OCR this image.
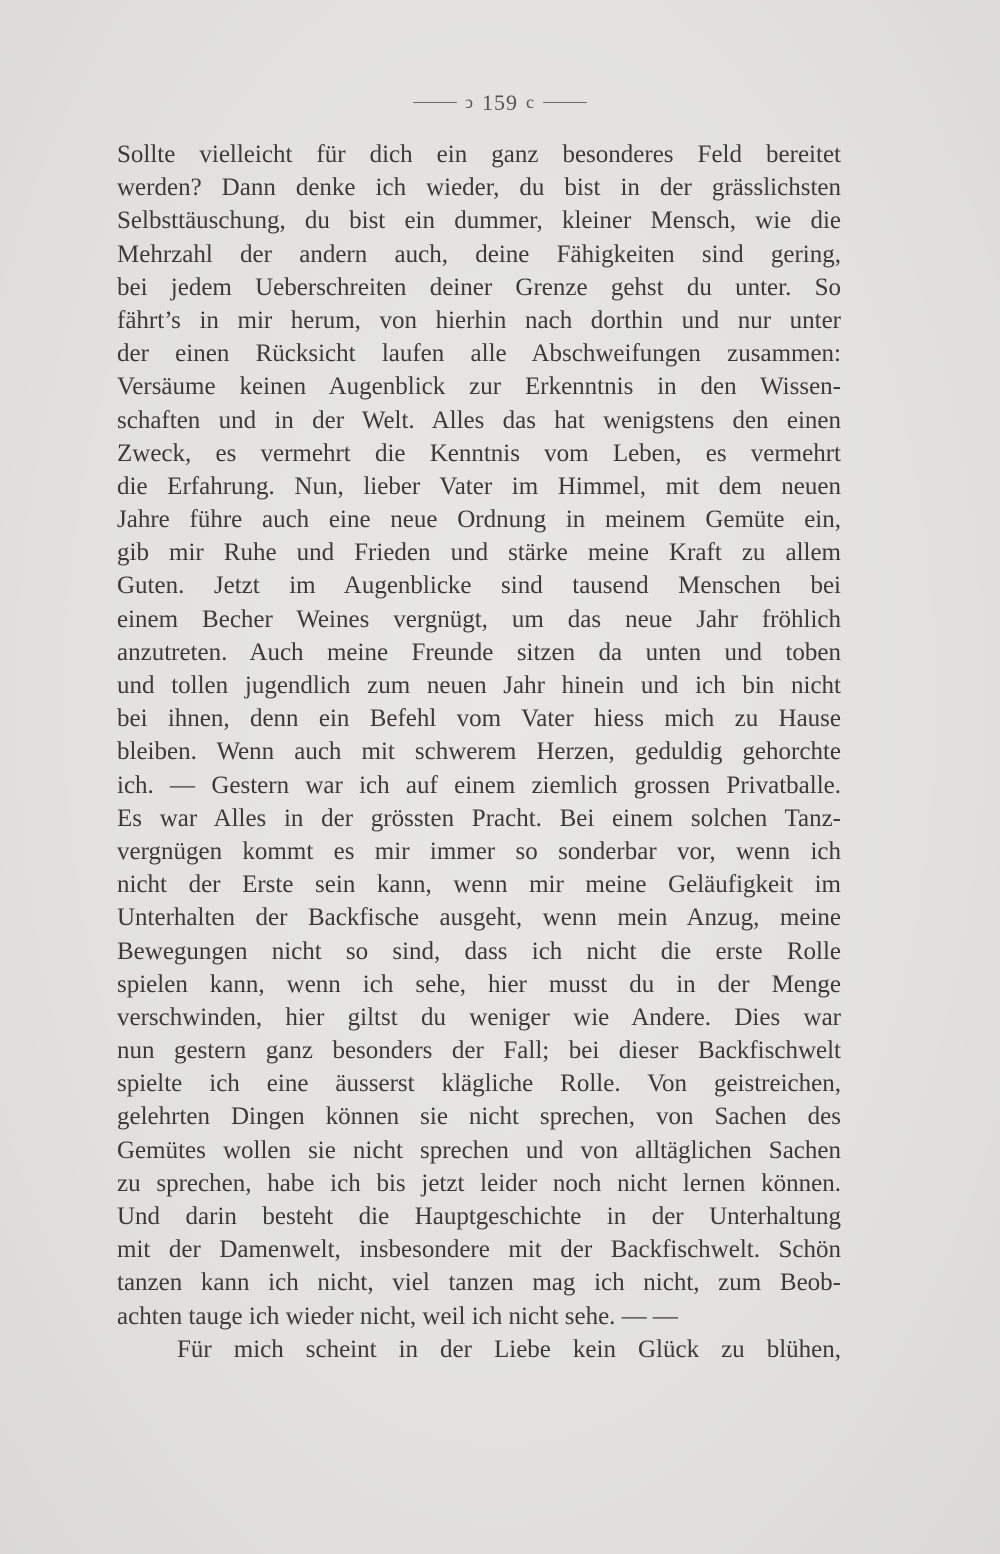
ↄ 159 c
Sollte vielleicht für dich ein ganz besonderes Feld bereitet
werden? Dann denke ich wieder, du bist in der grässlichsten
Selbsttäuschung, du bist ein dummer, kleiner Mensch, wie die
Mehrzahl der andern auch, deine Fähigkeiten sind gering,
bei jedem Ueberschreiten deiner Grenze gehst du unter. So
fährt’s in mir herum, von hierhin nach dorthin und nur unter
der einen Rücksicht laufen alle Abschweifungen zusammen:
Versäume keinen Augenblick zur Erkenntnis in den Wissen-
schaften und in der Welt. Alles das hat wenigstens den einen
Zweck, es vermehrt die Kenntnis vom Leben, es vermehrt
die Erfahrung. Nun, lieber Vater im Himmel, mit dem neuen
Jahre führe auch eine neue Ordnung in meinem Gemüte ein,
gib mir Ruhe und Frieden und stärke meine Kraft zu allem
Guten. Jetzt im Augenblicke sind tausend Menschen bei
einem Becher Weines vergnügt, um das neue Jahr fröhlich
anzutreten. Auch meine Freunde sitzen da unten und toben
und tollen jugendlich zum neuen Jahr hinein und ich bin nicht
bei ihnen, denn ein Befehl vom Vater hiess mich zu Hause
bleiben. Wenn auch mit schwerem Herzen, geduldig gehorchte
ich. — Gestern war ich auf einem ziemlich grossen Privatballe.
Es war Alles in der grössten Pracht. Bei einem solchen Tanz-
vergnügen kommt es mir immer so sonderbar vor, wenn ich
nicht der Erste sein kann, wenn mir meine Geläufigkeit im
Unterhalten der Backfische ausgeht, wenn mein Anzug, meine
Bewegungen nicht so sind, dass ich nicht die erste Rolle
spielen kann, wenn ich sehe, hier musst du in der Menge
verschwinden, hier giltst du weniger wie Andere. Dies war
nun gestern ganz besonders der Fall; bei dieser Backfischwelt
spielte ich eine äusserst klägliche Rolle. Von geistreichen,
gelehrten Dingen können sie nicht sprechen, von Sachen des
Gemütes wollen sie nicht sprechen und von alltäglichen Sachen
zu sprechen, habe ich bis jetzt leider noch nicht lernen können.
Und darin besteht die Hauptgeschichte in der Unterhaltung
mit der Damenwelt, insbesondere mit der Backfischwelt. Schön
tanzen kann ich nicht, viel tanzen mag ich nicht, zum Beob-
achten tauge ich wieder nicht, weil ich nicht sehe. — —
Für mich scheint in der Liebe kein Glück zu blühen,
